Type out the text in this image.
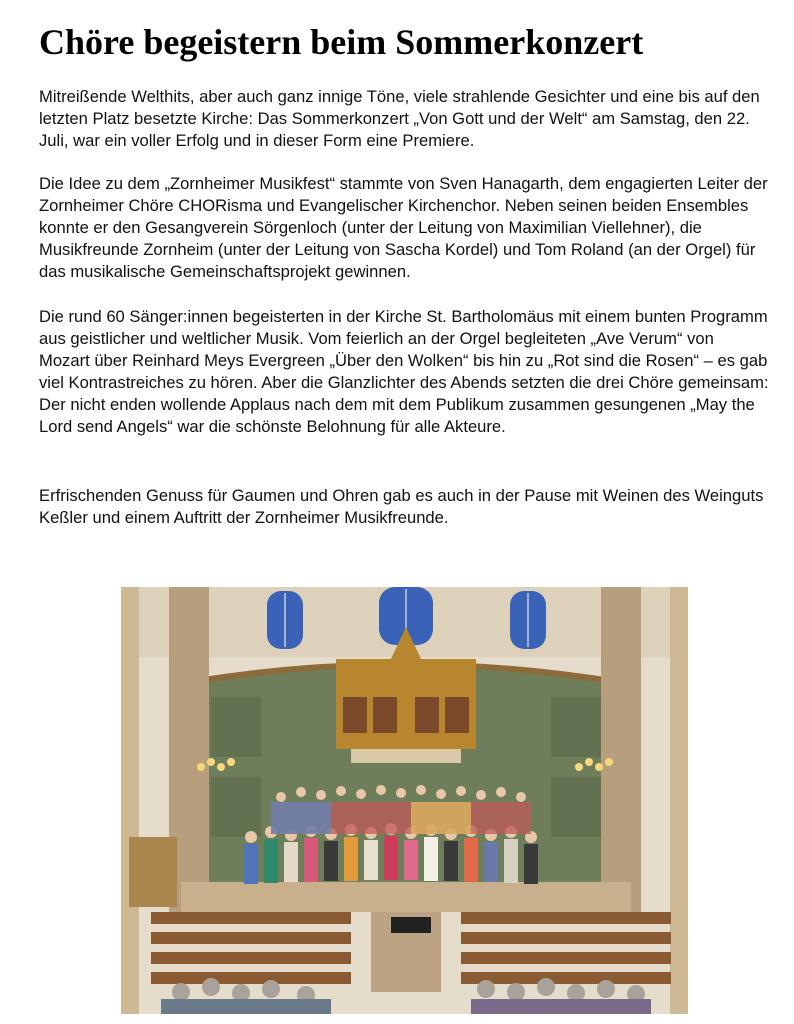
Chöre begeistern beim Sommerkonzert

Mitreißende Welthits, aber auch ganz innige Töne, viele strahlende Gesichter und eine bis auf den letzten Platz besetzte Kirche: Das Sommerkonzert „Von Gott und der Welt“ am Samstag, den 22. Juli, war ein voller Erfolg und in dieser Form eine Premiere.

Die Idee zu dem „Zornheimer Musikfest“ stammte von Sven Hanagarth, dem engagierten Leiter der Zornheimer Chöre CHORisma und Evangelischer Kirchenchor. Neben seinen beiden Ensembles konnte er den Gesangverein Sörgenloch (unter der Leitung von Maximilian Viellehner), die Musikfreunde Zornheim (unter der Leitung von Sascha Kordel) und Tom Roland (an der Orgel) für das musikalische Gemeinschaftsprojekt gewinnen.

Die rund 60 Sänger:innen begeisterten in der Kirche St. Bartholomäus mit einem bunten Programm aus geistlicher und weltlicher Musik. Vom feierlich an der Orgel begleiteten „Ave Verum“ von Mozart über Reinhard Meys Evergreen „Über den Wolken“ bis hin zu „Rot sind die Rosen“ – es gab viel Kontrastreiches zu hören. Aber die Glanzlichter des Abends setzten die drei Chöre gemeinsam: Der nicht enden wollende Applaus nach dem mit dem Publikum zusammen gesungenen „May the Lord send Angels“ war die schönste Belohnung für alle Akteure.

Erfrischenden Genuss für Gaumen und Ohren gab es auch in der Pause mit Weinen des Weinguts Keßler und einem Auftritt der Zornheimer Musikfreunde.
